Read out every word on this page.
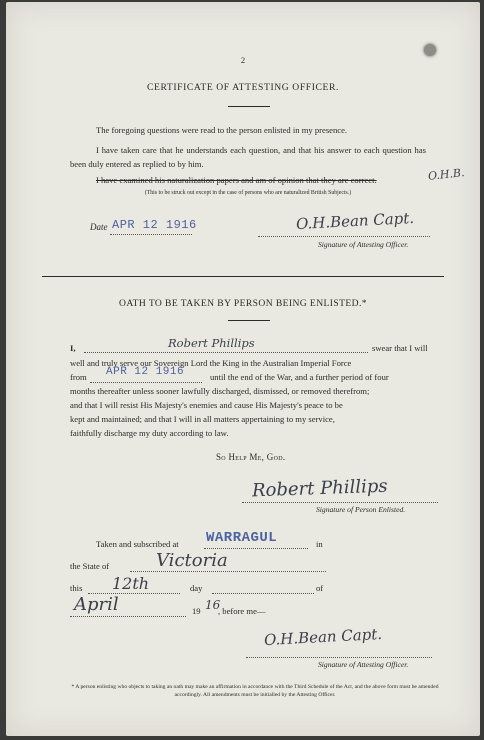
2
CERTIFICATE OF ATTESTING OFFICER.
The foregoing questions were read to the person enlisted in my presence.
I have taken care that he understands each question, and that his answer to each question has been duly entered as replied to by him.
I have examined his naturalization papers and am of opinion that they are correct.	O.H.B.
(This to be struck out except in the case of persons who are naturalized British Subjects.)
Date APR 12 1916	O.H.Bean Capt.
Signature of Attesting Officer.
OATH TO BE TAKEN BY PERSON BEING ENLISTED.*
I,	Robert Phillips	swear that I will
well and truly serve our Sovereign Lord the King in the Australian Imperial Force
from APR 12 1916	until the end of the War, and a further period of four
months thereafter unless sooner lawfully discharged, dismissed, or removed therefrom;
and that I will resist His Majesty's enemies and cause His Majesty's peace to be
kept and maintained; and that I will in all matters appertaining to my service,
faithfully discharge my duty according to law.
So Help Me, God.
Robert Phillips
Signature of Person Enlisted.
Taken and subscribed at WARRAGUL	in
the State of	Victoria
this 12th	day	of
April	19 16
, before me—
O.H.Bean Capt.
Signature of Attesting Officer.
* A person enlisting who objects to taking an oath may make an affirmation in accordance with the Third Schedule of the Act, and the above form must be amended accordingly. All amendments must be initialled by the Attesting Officer.
